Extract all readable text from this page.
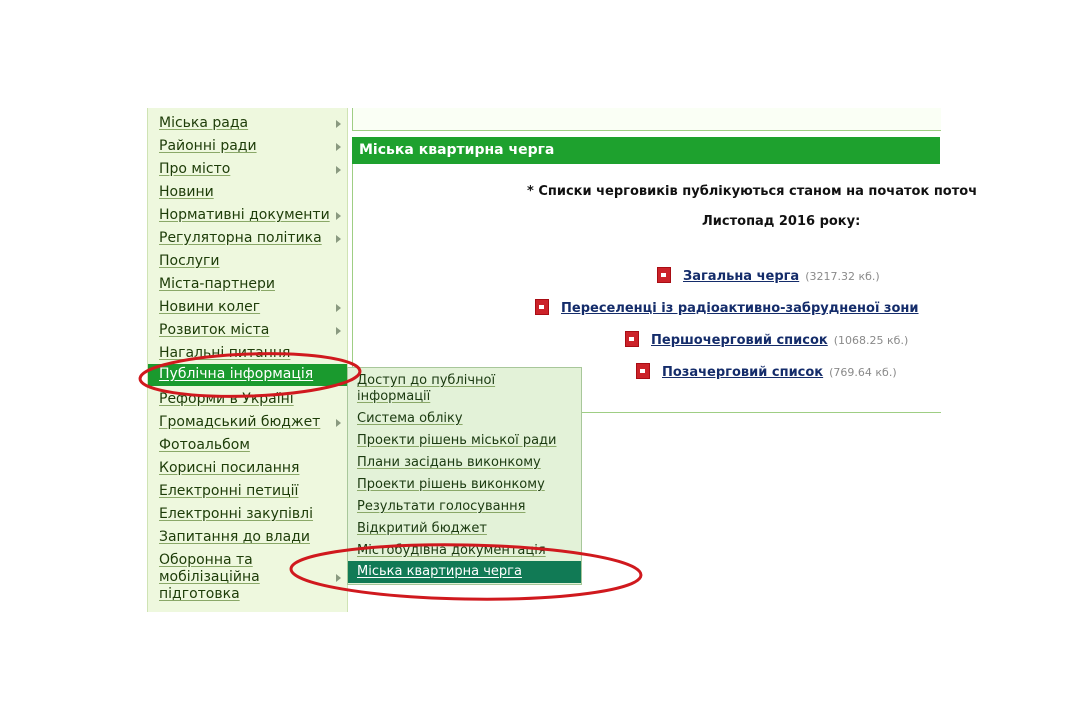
Міська рада
Районні ради
Про місто
Новини
Нормативні документи
Регуляторна політика
Послуги
Міста-партнери
Новини колег
Розвиток міста
Нагальні питання
Публічна інформація
Реформи в Україні
Громадський бюджет
Фотоальбом
Корисні посилання
Електронні петиції
Електронні закупівлі
Запитання до влади
Оборонна та мобілізаційна підготовка
Міська квартирна черга
* Списки черговиків публікуються станом на початок поточ
Листопад 2016 року:
Загальна черга (3217.32 кб.)
Переселенці із радіоактивно-забрудненої зони
Першочерговий список (1068.25 кб.)
Позачерговий список (769.64 кб.)
Доступ до публічної інформації
Система обліку
Проекти рішень міської ради
Плани засідань виконкому
Проекти рішень виконкому
Результати голосування
Відкритий бюджет
Містобудівна документація
Міська квартирна черга
